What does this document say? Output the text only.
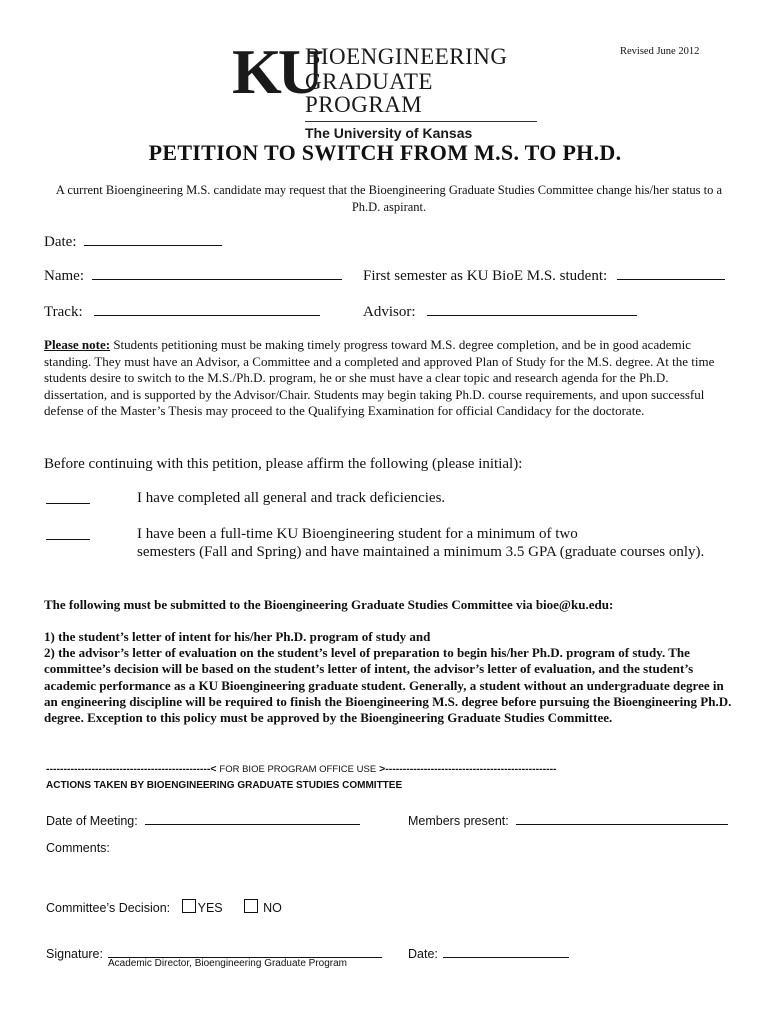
Revised June 2012
KU
BIOENGINEERING
GRADUATE PROGRAM
The University of Kansas
PETITION TO SWITCH FROM M.S. TO PH.D.
A current Bioengineering M.S. candidate may request that the Bioengineering Graduate Studies Committee change his/her status to a Ph.D. aspirant.
Date:
Name:	First semester as KU BioE M.S. student:
Track:	Advisor:
Please note: Students petitioning must be making timely progress toward M.S. degree completion, and be in good academic standing. They must have an Advisor, a Committee and a completed and approved Plan of Study for the M.S. degree. At the time students desire to switch to the M.S./Ph.D. program, he or she must have a clear topic and research agenda for the Ph.D. dissertation, and is supported by the Advisor/Chair. Students may begin taking Ph.D. course requirements, and upon successful defense of the Master’s Thesis may proceed to the Qualifying Examination for official Candidacy for the doctorate.
Before continuing with this petition, please affirm the following (please initial):
I have completed all general and track deficiencies.
I have been a full-time KU Bioengineering student for a minimum of two
semesters (Fall and Spring) and have maintained a minimum 3.5 GPA (graduate courses only).
The following must be submitted to the Bioengineering Graduate Studies Committee via bioe@ku.edu:
1) the student’s letter of intent for his/her Ph.D. program of study and
2) the advisor’s letter of evaluation on the student’s level of preparation to begin his/her Ph.D. program of study. The committee’s decision will be based on the student’s letter of intent, the advisor’s letter of evaluation, and the student’s academic performance as a KU Bioengineering graduate student. Generally, a student without an undergraduate degree in an engineering discipline will be required to finish the Bioengineering M.S. degree before pursuing the Bioengineering Ph.D. degree. Exception to this policy must be approved by the Bioengineering Graduate Studies Committee.
-----------------------------------------------< FOR BIOE PROGRAM OFFICE USE >-------------------------------------------------
ACTIONS TAKEN BY BIOENGINEERING GRADUATE STUDIES COMMITTEE
Date of Meeting:	Members present:
Comments:
Committee’s Decision: YES	NO
Signature:
Academic Director, Bioengineering Graduate Program
Date:
